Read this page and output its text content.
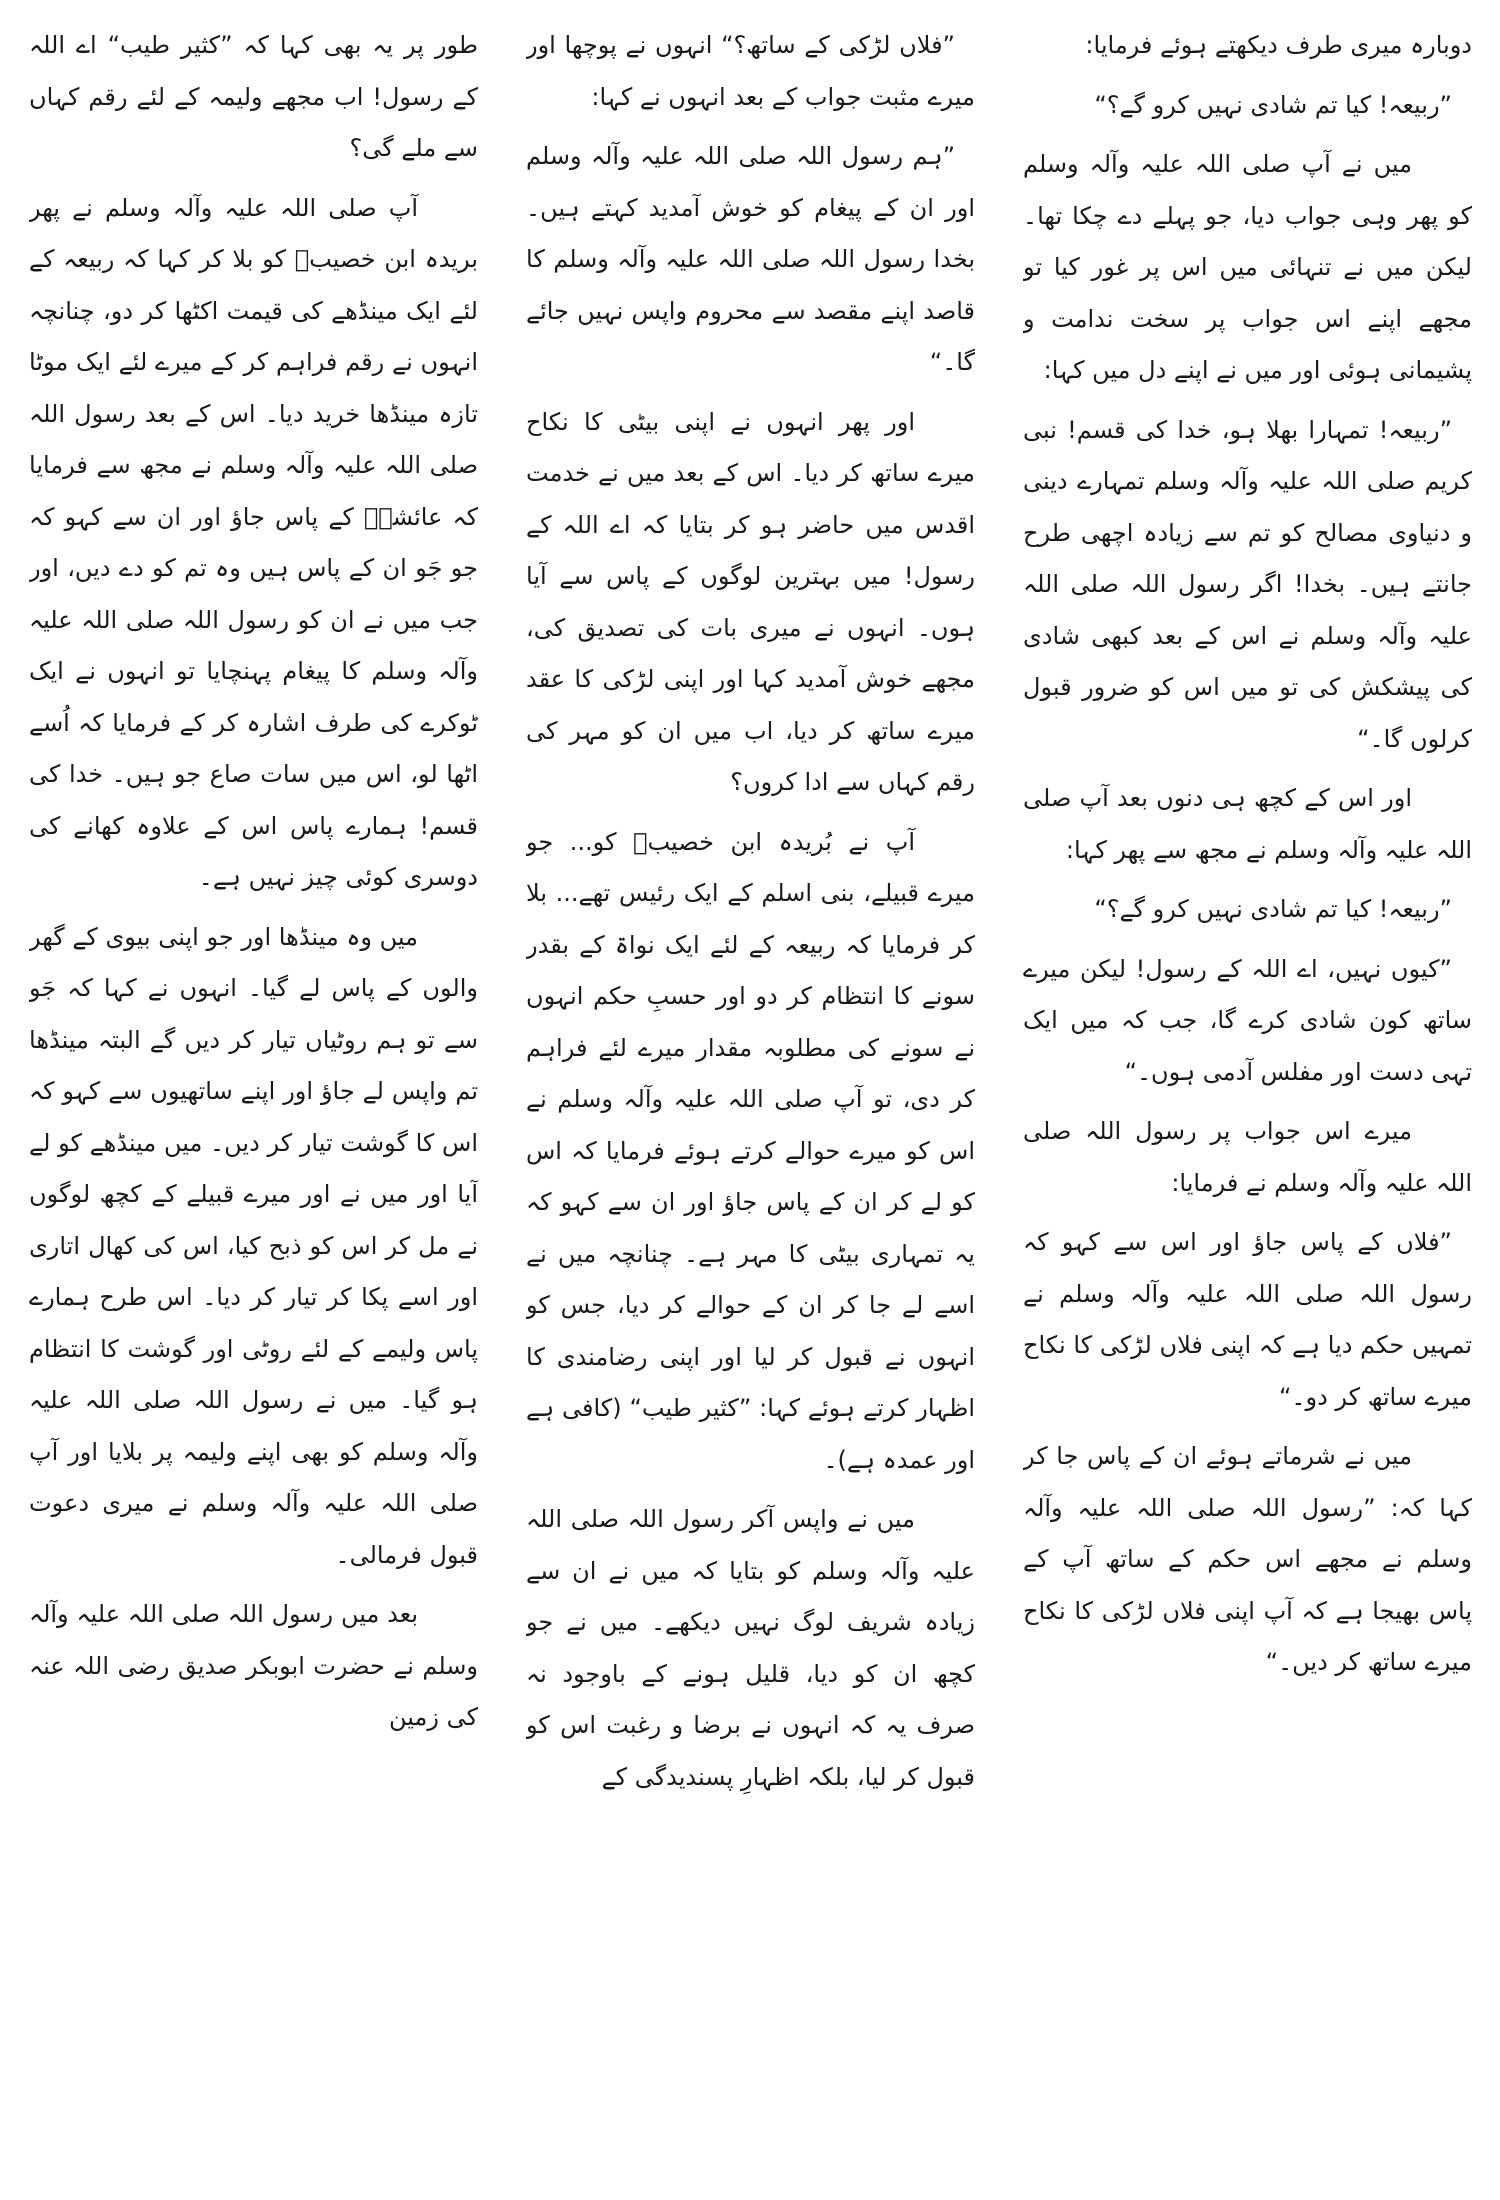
دوبارہ میری طرف دیکھتے ہوئے فرمایا:

”ربیعہ! کیا تم شادی نہیں کرو گے؟“

میں نے آپ صلی اللہ علیہ وآلہ وسلم کو پھر وہی جواب دیا، جو پہلے دے چکا تھا۔ لیکن میں نے تنہائی میں اس پر غور کیا تو مجھے اپنے اس جواب پر سخت ندامت و پشیمانی ہوئی اور میں نے اپنے دل میں کہا:

”ربیعہ! تمہارا بھلا ہو، خدا کی قسم! نبی کریم صلی اللہ علیہ وآلہ وسلم تمہارے دینی و دنیاوی مصالح کو تم سے زیادہ اچھی طرح جانتے ہیں۔ بخدا! اگر رسول اللہ صلی اللہ علیہ وآلہ وسلم نے اس کے بعد کبھی شادی کی پیشکش کی تو میں اس کو ضرور قبول کرلوں گا۔“

اور اس کے کچھ ہی دنوں بعد آپ صلی اللہ علیہ وآلہ وسلم نے مجھ سے پھر کہا:

”ربیعہ! کیا تم شادی نہیں کرو گے؟“

”کیوں نہیں، اے اللہ کے رسول! لیکن میرے ساتھ کون شادی کرے گا، جب کہ میں ایک تہی دست اور مفلس آدمی ہوں۔“

میرے اس جواب پر رسول اللہ صلی اللہ علیہ وآلہ وسلم نے فرمایا:

”فلاں کے پاس جاؤ اور اس سے کہو کہ رسول اللہ صلی اللہ علیہ وآلہ وسلم نے تمہیں حکم دیا ہے کہ اپنی فلاں لڑکی کا نکاح میرے ساتھ کر دو۔“

میں نے شرماتے ہوئے ان کے پاس جا کر کہا کہ: ”رسول اللہ صلی اللہ علیہ وآلہ وسلم نے مجھے اس حکم کے ساتھ آپ کے پاس بھیجا ہے کہ آپ اپنی فلاں لڑکی کا نکاح میرے ساتھ کر دیں۔“

”فلاں لڑکی کے ساتھ؟“ انہوں نے پوچھا اور میرے مثبت جواب کے بعد انہوں نے کہا:

”ہم رسول اللہ صلی اللہ علیہ وآلہ وسلم اور ان کے پیغام کو خوش آمدید کہتے ہیں۔ بخدا رسول اللہ صلی اللہ علیہ وآلہ وسلم کا قاصد اپنے مقصد سے محروم واپس نہیں جائے گا۔“

اور پھر انہوں نے اپنی بیٹی کا نکاح میرے ساتھ کر دیا۔ اس کے بعد میں نے خدمت اقدس میں حاضر ہو کر بتایا کہ اے اللہ کے رسول! میں بہترین لوگوں کے پاس سے آیا ہوں۔ انہوں نے میری بات کی تصدیق کی، مجھے خوش آمدید کہا اور اپنی لڑکی کا عقد میرے ساتھ کر دیا، اب میں ان کو مہر کی رقم کہاں سے ادا کروں؟

آپ نے بُریدہ ابن خصیبؓ کو... جو میرے قبیلے، بنی اسلم کے ایک رئیس تھے... بلا کر فرمایا کہ ربیعہ کے لئے ایک نواۃ کے بقدر سونے کا انتظام کر دو اور حسبِ حکم انہوں نے سونے کی مطلوبہ مقدار میرے لئے فراہم کر دی، تو آپ صلی اللہ علیہ وآلہ وسلم نے اس کو میرے حوالے کرتے ہوئے فرمایا کہ اس کو لے کر ان کے پاس جاؤ اور ان سے کہو کہ یہ تمہاری بیٹی کا مہر ہے۔ چنانچہ میں نے اسے لے جا کر ان کے حوالے کر دیا، جس کو انہوں نے قبول کر لیا اور اپنی رضامندی کا اظہار کرتے ہوئے کہا: ”کثیر طیب“ (کافی ہے اور عمدہ ہے)۔

میں نے واپس آکر رسول اللہ صلی اللہ علیہ وآلہ وسلم کو بتایا کہ میں نے ان سے زیادہ شریف لوگ نہیں دیکھے۔ میں نے جو کچھ ان کو دیا، قلیل ہونے کے باوجود نہ صرف یہ کہ انہوں نے برضا و رغبت اس کو قبول کر لیا، بلکہ اظہارِ پسندیدگی کے

طور پر یہ بھی کہا کہ ”کثیر طیب“ اے اللہ کے رسول! اب مجھے ولیمہ کے لئے رقم کہاں سے ملے گی؟

آپ صلی اللہ علیہ وآلہ وسلم نے پھر بریدہ ابن خصیبؓ کو بلا کر کہا کہ ربیعہ کے لئے ایک مینڈھے کی قیمت اکٹھا کر دو، چنانچہ انہوں نے رقم فراہم کر کے میرے لئے ایک موٹا تازہ مینڈھا خرید دیا۔ اس کے بعد رسول اللہ صلی اللہ علیہ وآلہ وسلم نے مجھ سے فرمایا کہ عائشہؓ کے پاس جاؤ اور ان سے کہو کہ جو جَو ان کے پاس ہیں وہ تم کو دے دیں، اور جب میں نے ان کو رسول اللہ صلی اللہ علیہ وآلہ وسلم کا پیغام پہنچایا تو انہوں نے ایک ٹوکرے کی طرف اشارہ کر کے فرمایا کہ اُسے اٹھا لو، اس میں سات صاع جو ہیں۔ خدا کی قسم! ہمارے پاس اس کے علاوہ کھانے کی دوسری کوئی چیز نہیں ہے۔

میں وہ مینڈھا اور جو اپنی بیوی کے گھر والوں کے پاس لے گیا۔ انہوں نے کہا کہ جَو سے تو ہم روٹیاں تیار کر دیں گے البتہ مینڈھا تم واپس لے جاؤ اور اپنے ساتھیوں سے کہو کہ اس کا گوشت تیار کر دیں۔ میں مینڈھے کو لے آیا اور میں نے اور میرے قبیلے کے کچھ لوگوں نے مل کر اس کو ذبح کیا، اس کی کھال اتاری اور اسے پکا کر تیار کر دیا۔ اس طرح ہمارے پاس ولیمے کے لئے روٹی اور گوشت کا انتظام ہو گیا۔ میں نے رسول اللہ صلی اللہ علیہ وآلہ وسلم کو بھی اپنے ولیمہ پر بلایا اور آپ صلی اللہ علیہ وآلہ وسلم نے میری دعوت قبول فرمالی۔

بعد میں رسول اللہ صلی اللہ علیہ وآلہ وسلم نے حضرت ابوبکر صدیق رضی اللہ عنہ کی زمین
